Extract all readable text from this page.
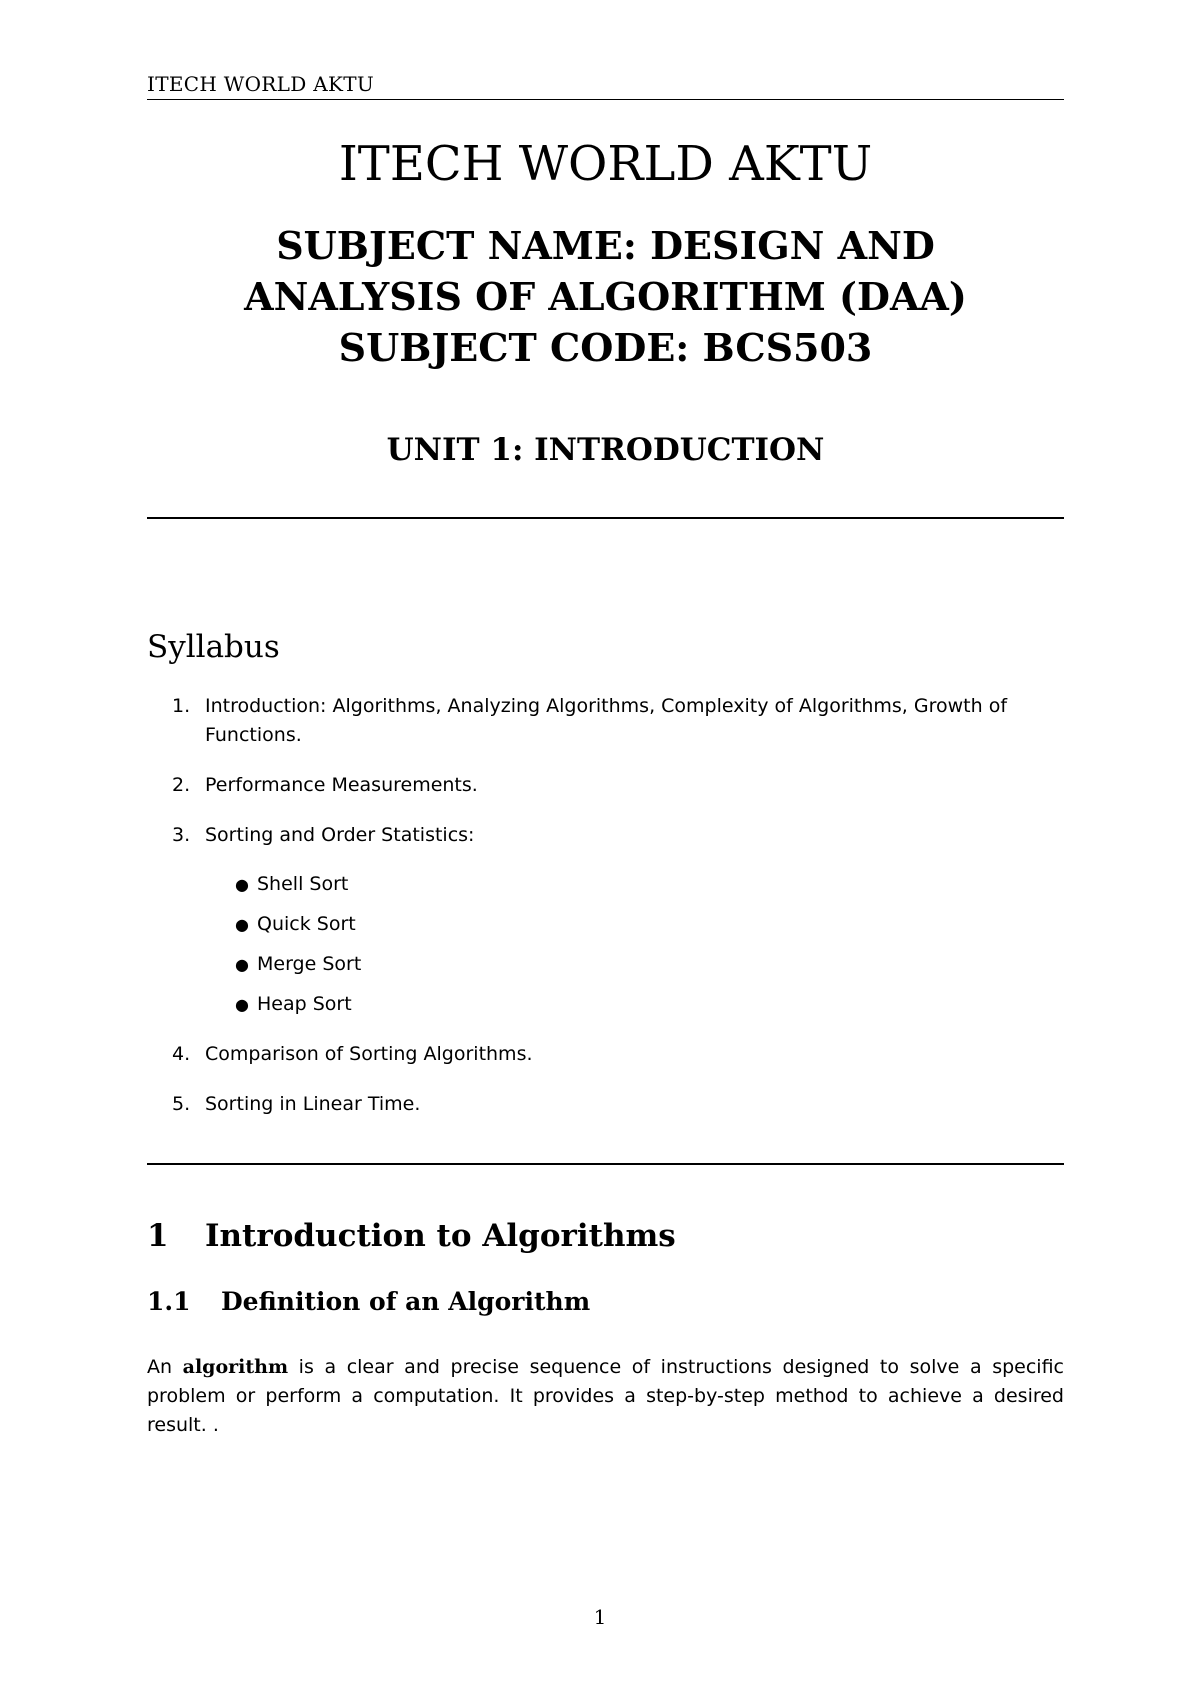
ITECH WORLD AKTU
ITECH WORLD AKTU
SUBJECT NAME: DESIGN AND
ANALYSIS OF ALGORITHM (DAA)
SUBJECT CODE: BCS503
UNIT 1: INTRODUCTION
Syllabus
1. Introduction: Algorithms, Analyzing Algorithms, Complexity of Algorithms, Growth of Functions.
2. Performance Measurements.
3. Sorting and Order Statistics:
● Shell Sort
● Quick Sort
● Merge Sort
● Heap Sort
4. Comparison of Sorting Algorithms.
5. Sorting in Linear Time.
1 Introduction to Algorithms
1.1 Definition of an Algorithm

An algorithm is a clear and precise sequence of instructions designed to solve a specific problem or perform a computation. It provides a step-by-step method to achieve a desired result. .

1
